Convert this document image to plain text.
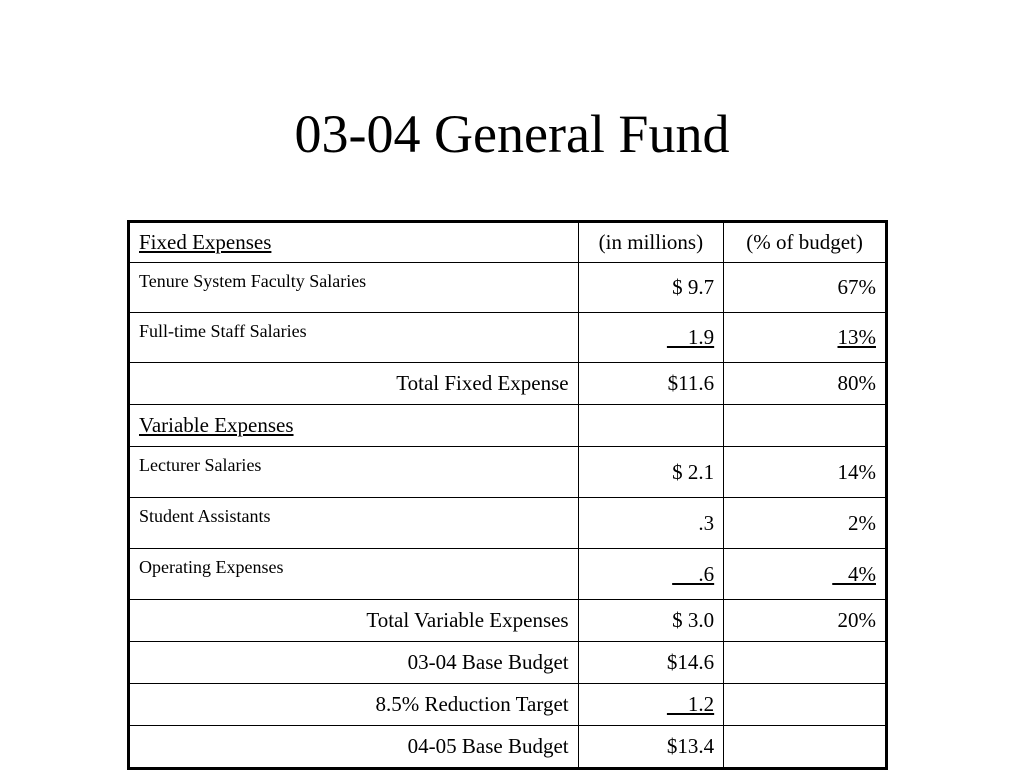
03-04 General Fund
Fixed Expenses	(in millions)	(% of budget)
Tenure System Faculty Salaries	$ 9.7	67%
Full-time Staff Salaries	1.9	13%
Total Fixed Expense	$11.6	80%
Variable Expenses		
Lecturer Salaries	$ 2.1	14%
Student Assistants	.3	2%
Operating Expenses	.6	4%
Total Variable Expenses	$ 3.0	20%
03-04 Base Budget	$14.6	
8.5% Reduction Target	1.2	
04-05 Base Budget	$13.4	
